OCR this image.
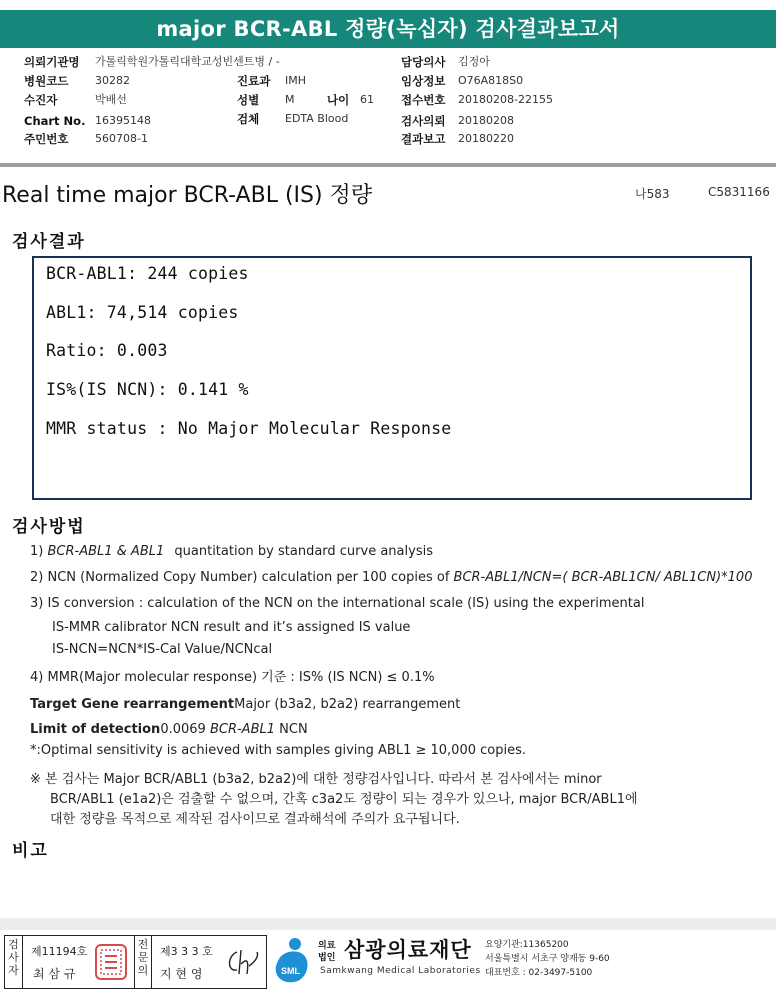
major BCR-ABL 정량(녹십자) 검사결과보고서
의뢰기관명 가톨릭학원가톨릭대학교성빈센트병 / -
병원코드 30282
수진자	박배선
Chart No. 16395148
주민번호 560708-1
진료과 IMH
성별 M	나이 61
검체 EDTA Blood
담당의사 김정아
임상정보 O76A818S0
접수번호 20180208-22155
검사의뢰 20180208
결과보고 20180220
Real time major BCR-ABL (IS) 정량	나583	C5831166
검사결과
BCR-ABL1: 244 copies
ABL1: 74,514 copies
Ratio: 0.003
IS%(IS NCN): 0.141 %
MMR status : No Major Molecular Response
검사방법
1) BCR-ABL1 & ABL1 quantitation by standard curve analysis
2) NCN (Normalized Copy Number) calculation per 100 copies of BCR-ABL1/NCN=( BCR-ABL1CN/ ABL1CN)*100
3) IS conversion : calculation of the NCN on the international scale (IS) using the experimental
IS-MMR calibrator NCN result and it’s assigned IS value
IS-NCN=NCN*IS-Cal Value/NCNcal
4) MMR(Major molecular response) 기준 : IS% (IS NCN) ≤ 0.1%
Target Gene rearrangementMajor (b3a2, b2a2) rearrangement
Limit of detection0.0069 BCR-ABL1 NCN
*:Optimal sensitivity is achieved with samples giving ABL1 ≥ 10,000 copies.
※ 본 검사는 Major BCR/ABL1 (b3a2, b2a2)에 대한 정량검사입니다. 따라서 본 검사에서는 minor
BCR/ABL1 (e1a2)은 검출할 수 없으며, 간혹 c3a2도 정량이 되는 경우가 있으나, major BCR/ABL1에
대한 정량을 목적으로 제작된 검사이므로 결과해석에 주의가 요구됩니다.
비고
검사자
제11194호
최 삼 규
전문의
제3 3 3 호
지 현 영	SML
의료
법인 삼광의료재단
Samkwang Medical Laboratories
요양기관:11365200
서울특별시 서초구 양재동 9-60
대표번호 : 02-3497-5100
